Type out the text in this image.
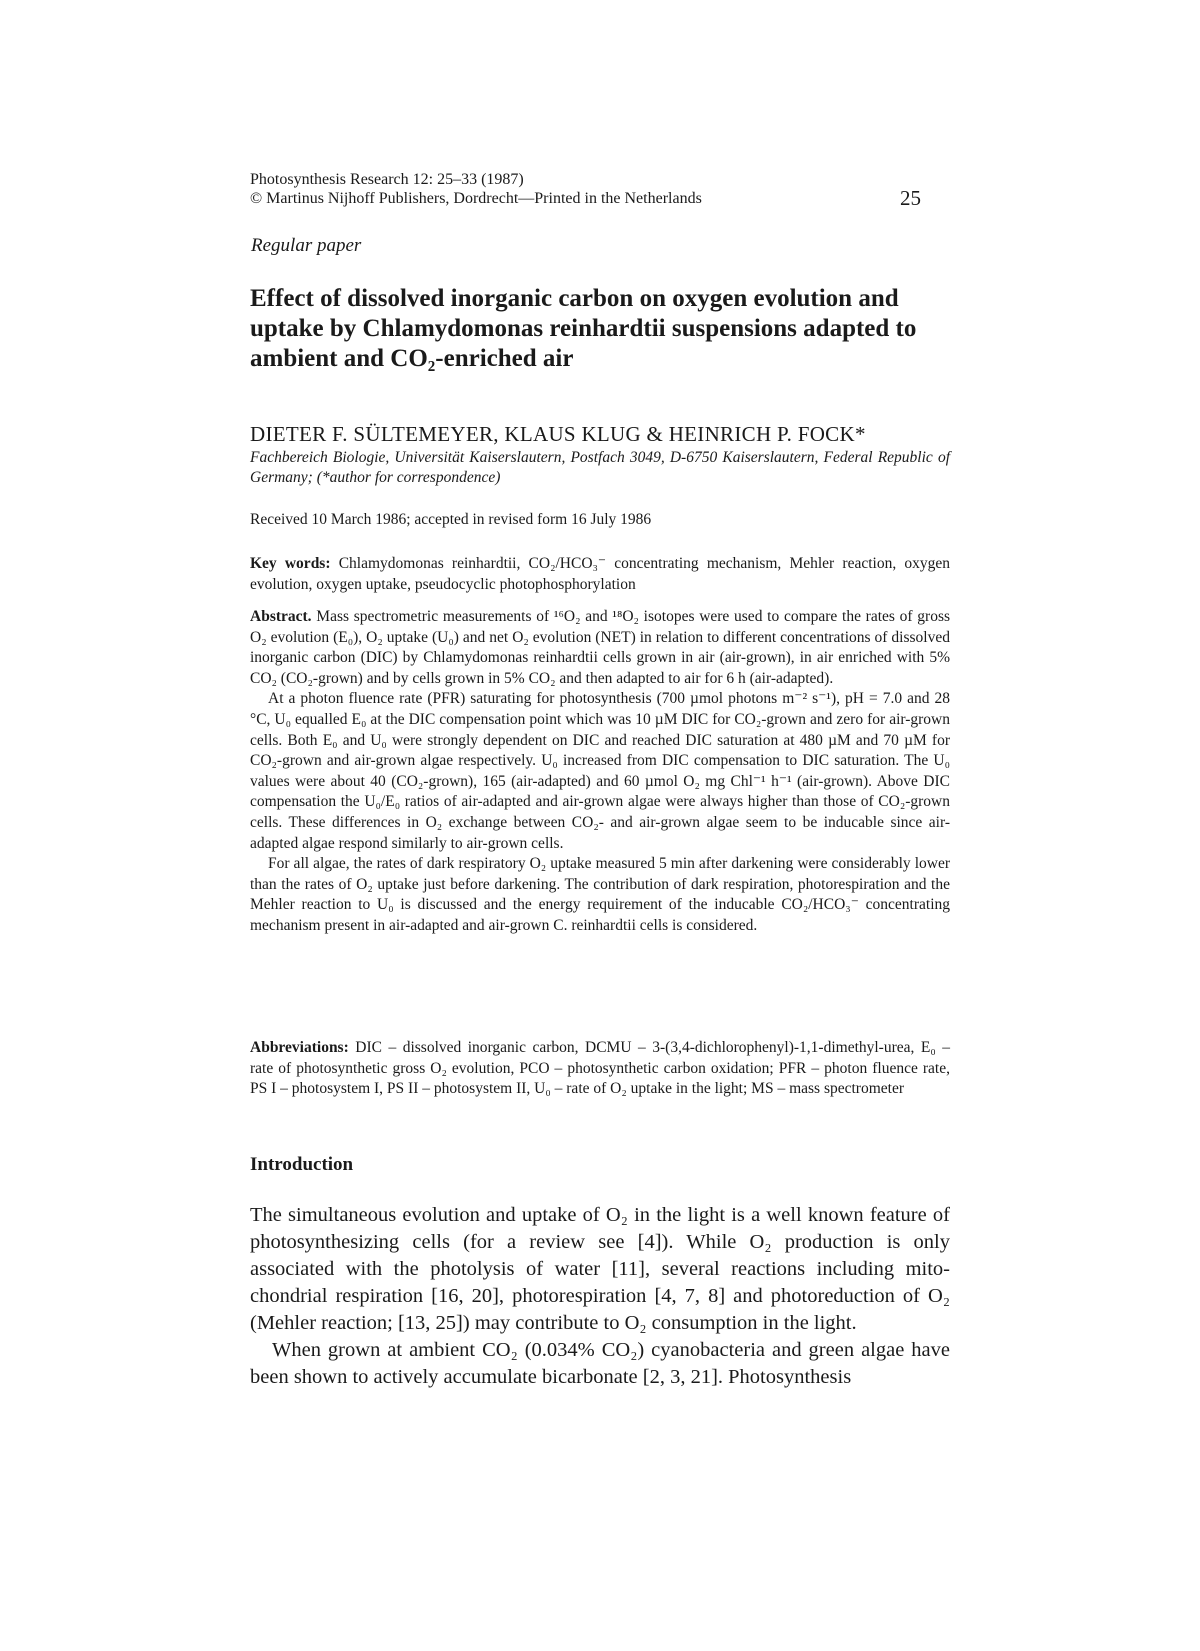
Photosynthesis Research 12: 25–33 (1987)
© Martinus Nijhoff Publishers, Dordrecht—Printed in the Netherlands	25
Regular paper
Effect of dissolved inorganic carbon on oxygen evolution and uptake by Chlamydomonas reinhardtii suspensions adapted to ambient and CO₂-enriched air
DIETER F. SÜLTEMEYER, KLAUS KLUG & HEINRICH P. FOCK*
Fachbereich Biologie, Universität Kaiserslautern, Postfach 3049, D-6750 Kaiserslautern, Federal Republic of Germany; (*author for correspondence)
Received 10 March 1986; accepted in revised form 16 July 1986
Key words: Chlamydomonas reinhardtii, CO₂/HCO₃⁻ concentrating mechanism, Mehler reaction, oxygen evolution, oxygen uptake, pseudocyclic photophosphorylation

Abstract. Mass spectrometric measurements of ¹⁶O₂ and ¹⁸O₂ isotopes were used to compare the rates of gross O₂ evolution (E₀), O₂ uptake (U₀) and net O₂ evolution (NET) in relation to different concentrations of dissolved inorganic carbon (DIC) by Chlamydomonas reinhardtii cells grown in air (air-grown), in air enriched with 5% CO₂ (CO₂-grown) and by cells grown in 5% CO₂ and then adapted to air for 6 h (air-adapted).

At a photon fluence rate (PFR) saturating for photosynthesis (700 µmol photons m⁻² s⁻¹), pH = 7.0 and 28 °C, U₀ equalled E₀ at the DIC compensation point which was 10 µM DIC for CO₂-grown and zero for air-grown cells. Both E₀ and U₀ were strongly dependent on DIC and reached DIC saturation at 480 µM and 70 µM for CO₂-grown and air-grown algae respectively. U₀ increased from DIC compensation to DIC saturation. The U₀ values were about 40 (CO₂-grown), 165 (air-adapted) and 60 µmol O₂ mg Chl⁻¹ h⁻¹ (air-grown). Above DIC compensation the U₀/E₀ ratios of air-adapted and air-grown algae were always higher than those of CO₂-grown cells. These differences in O₂ exchange between CO₂- and air-grown algae seem to be inducable since air-adapted algae respond similarly to air-grown cells.

For all algae, the rates of dark respiratory O₂ uptake measured 5 min after darkening were considerably lower than the rates of O₂ uptake just before darkening. The contribution of dark respiration, photorespiration and the Mehler reaction to U₀ is discussed and the energy requirement of the inducable CO₂/HCO₃⁻ concentrating mechanism present in air-adapted and air-grown C. reinhardtii cells is considered.

Abbreviations: DIC – dissolved inorganic carbon, DCMU – 3-(3,4-dichlorophenyl)-1,1-dimethyl-urea, E₀ – rate of photosynthetic gross O₂ evolution, PCO – photosynthetic carbon oxidation; PFR – photon fluence rate, PS I – photosystem I, PS II – photosystem II, U₀ – rate of O₂ uptake in the light; MS – mass spectrometer
Introduction

The simultaneous evolution and uptake of O₂ in the light is a well known feature of photosynthesizing cells (for a review see [4]). While O₂ production is only associated with the photolysis of water [11], several reactions including mito-chondrial respiration [16, 20], photorespiration [4, 7, 8] and photoreduction of O₂ (Mehler reaction; [13, 25]) may contribute to O₂ consumption in the light.

When grown at ambient CO₂ (0.034% CO₂) cyanobacteria and green algae have been shown to actively accumulate bicarbonate [2, 3, 21]. Photosynthesis
